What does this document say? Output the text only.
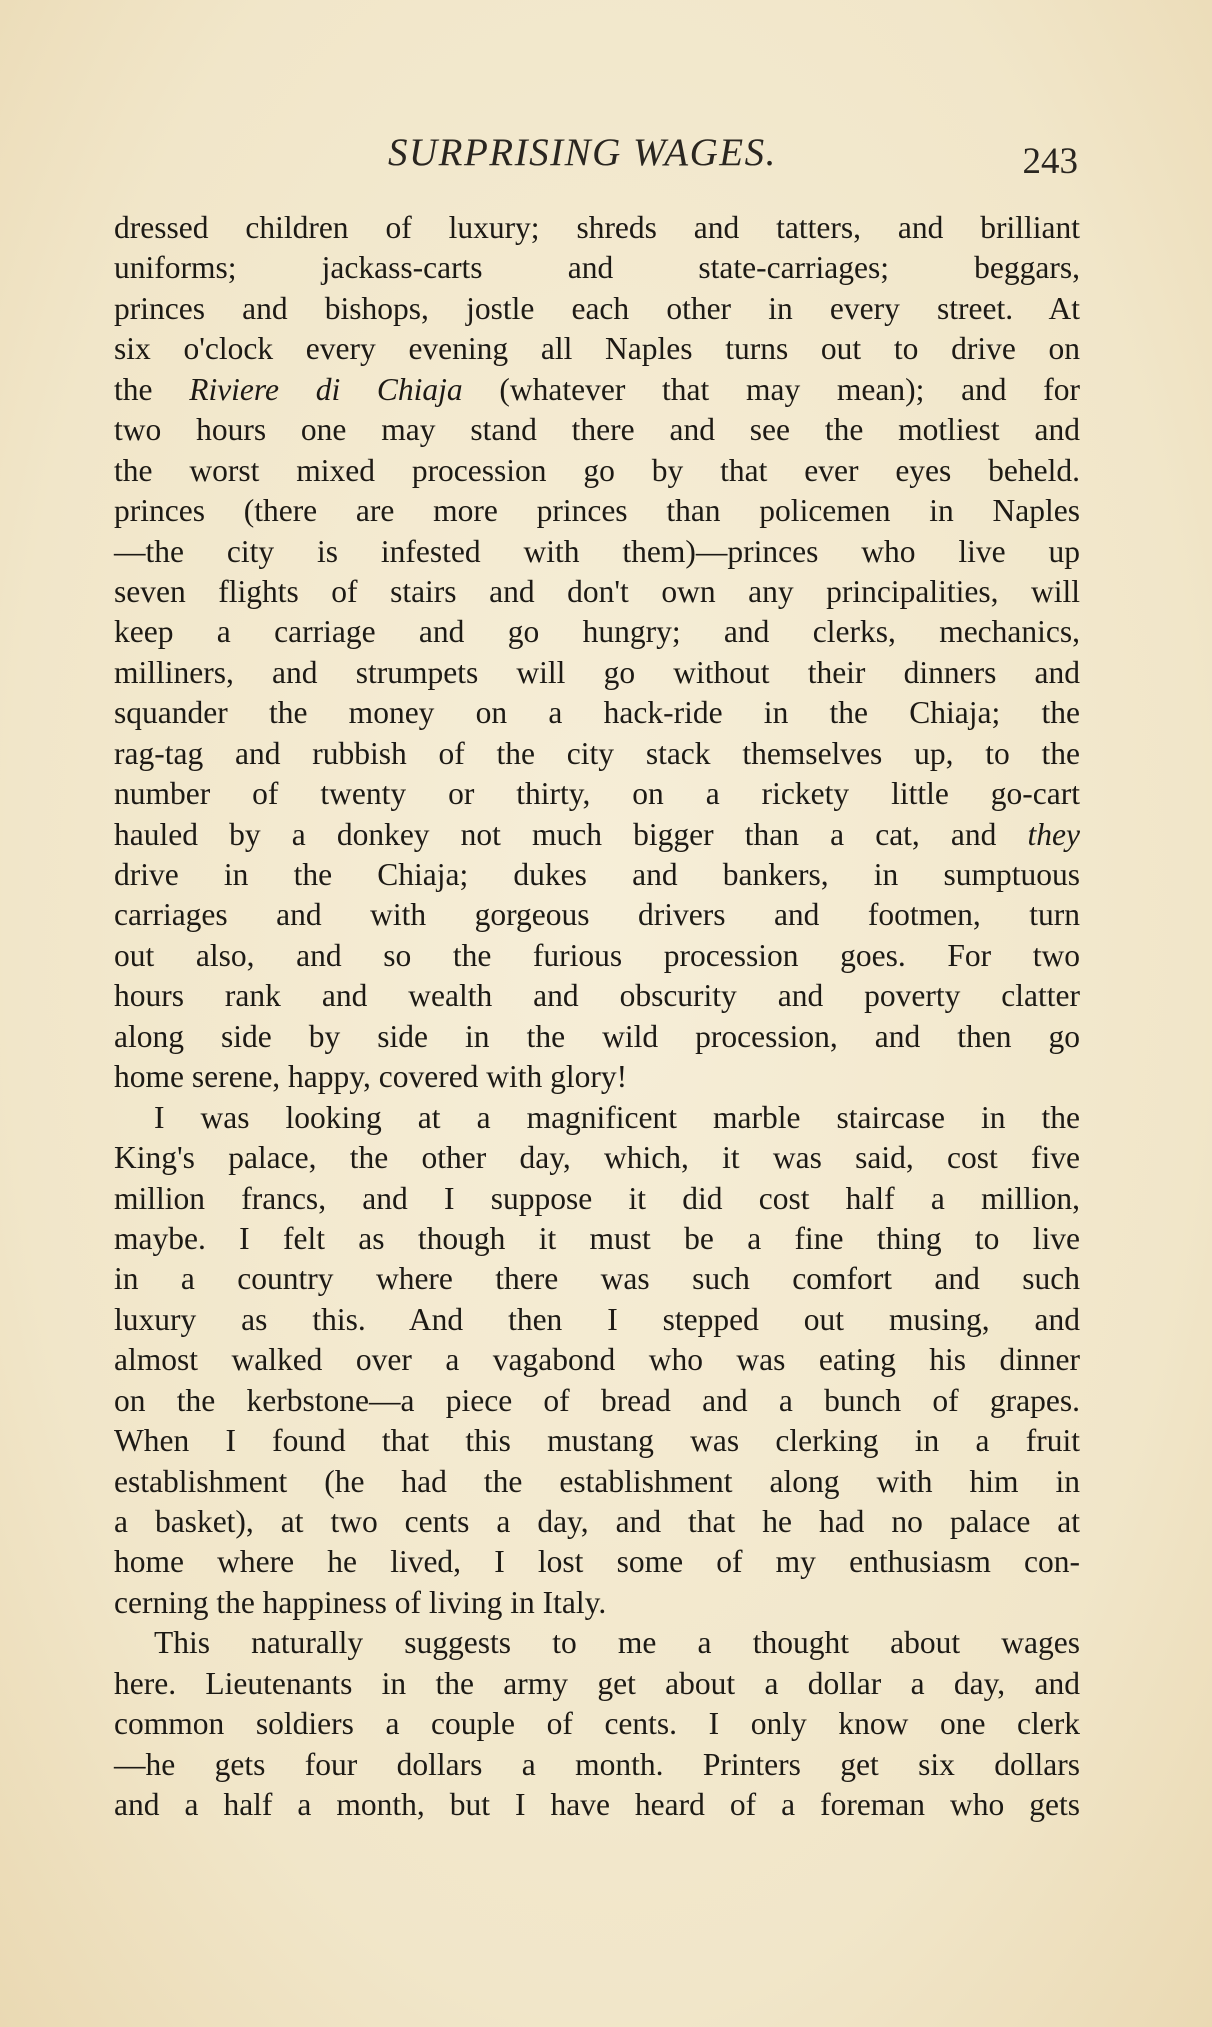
SURPRISING WAGES.	243
dressed children of luxury; shreds and tatters, and brilliant
uniforms; jackass-carts and state-carriages; beggars,
princes and bishops, jostle each other in every street. At
six o'clock every evening all Naples turns out to drive on
the Riviere di Chiaja (whatever that may mean); and for
two hours one may stand there and see the motliest and
the worst mixed procession go by that ever eyes beheld.
princes (there are more princes than policemen in Naples
—the city is infested with them)—princes who live up
seven flights of stairs and don't own any principalities, will
keep a carriage and go hungry; and clerks, mechanics,
milliners, and strumpets will go without their dinners and
squander the money on a hack-ride in the Chiaja; the
rag-tag and rubbish of the city stack themselves up, to the
number of twenty or thirty, on a rickety little go-cart
hauled by a donkey not much bigger than a cat, and they
drive in the Chiaja; dukes and bankers, in sumptuous
carriages and with gorgeous drivers and footmen, turn
out also, and so the furious procession goes. For two
hours rank and wealth and obscurity and poverty clatter
along side by side in the wild procession, and then go
home serene, happy, covered with glory!
I was looking at a magnificent marble staircase in the
King's palace, the other day, which, it was said, cost five
million francs, and I suppose it did cost half a million,
maybe. I felt as though it must be a fine thing to live
in a country where there was such comfort and such
luxury as this. And then I stepped out musing, and
almost walked over a vagabond who was eating his dinner
on the kerbstone—a piece of bread and a bunch of grapes.
When I found that this mustang was clerking in a fruit
establishment (he had the establishment along with him in
a basket), at two cents a day, and that he had no palace at
home where he lived, I lost some of my enthusiasm con-
cerning the happiness of living in Italy.
This naturally suggests to me a thought about wages
here. Lieutenants in the army get about a dollar a day, and
common soldiers a couple of cents. I only know one clerk
—he gets four dollars a month. Printers get six dollars
and a half a month, but I have heard of a foreman who gets
